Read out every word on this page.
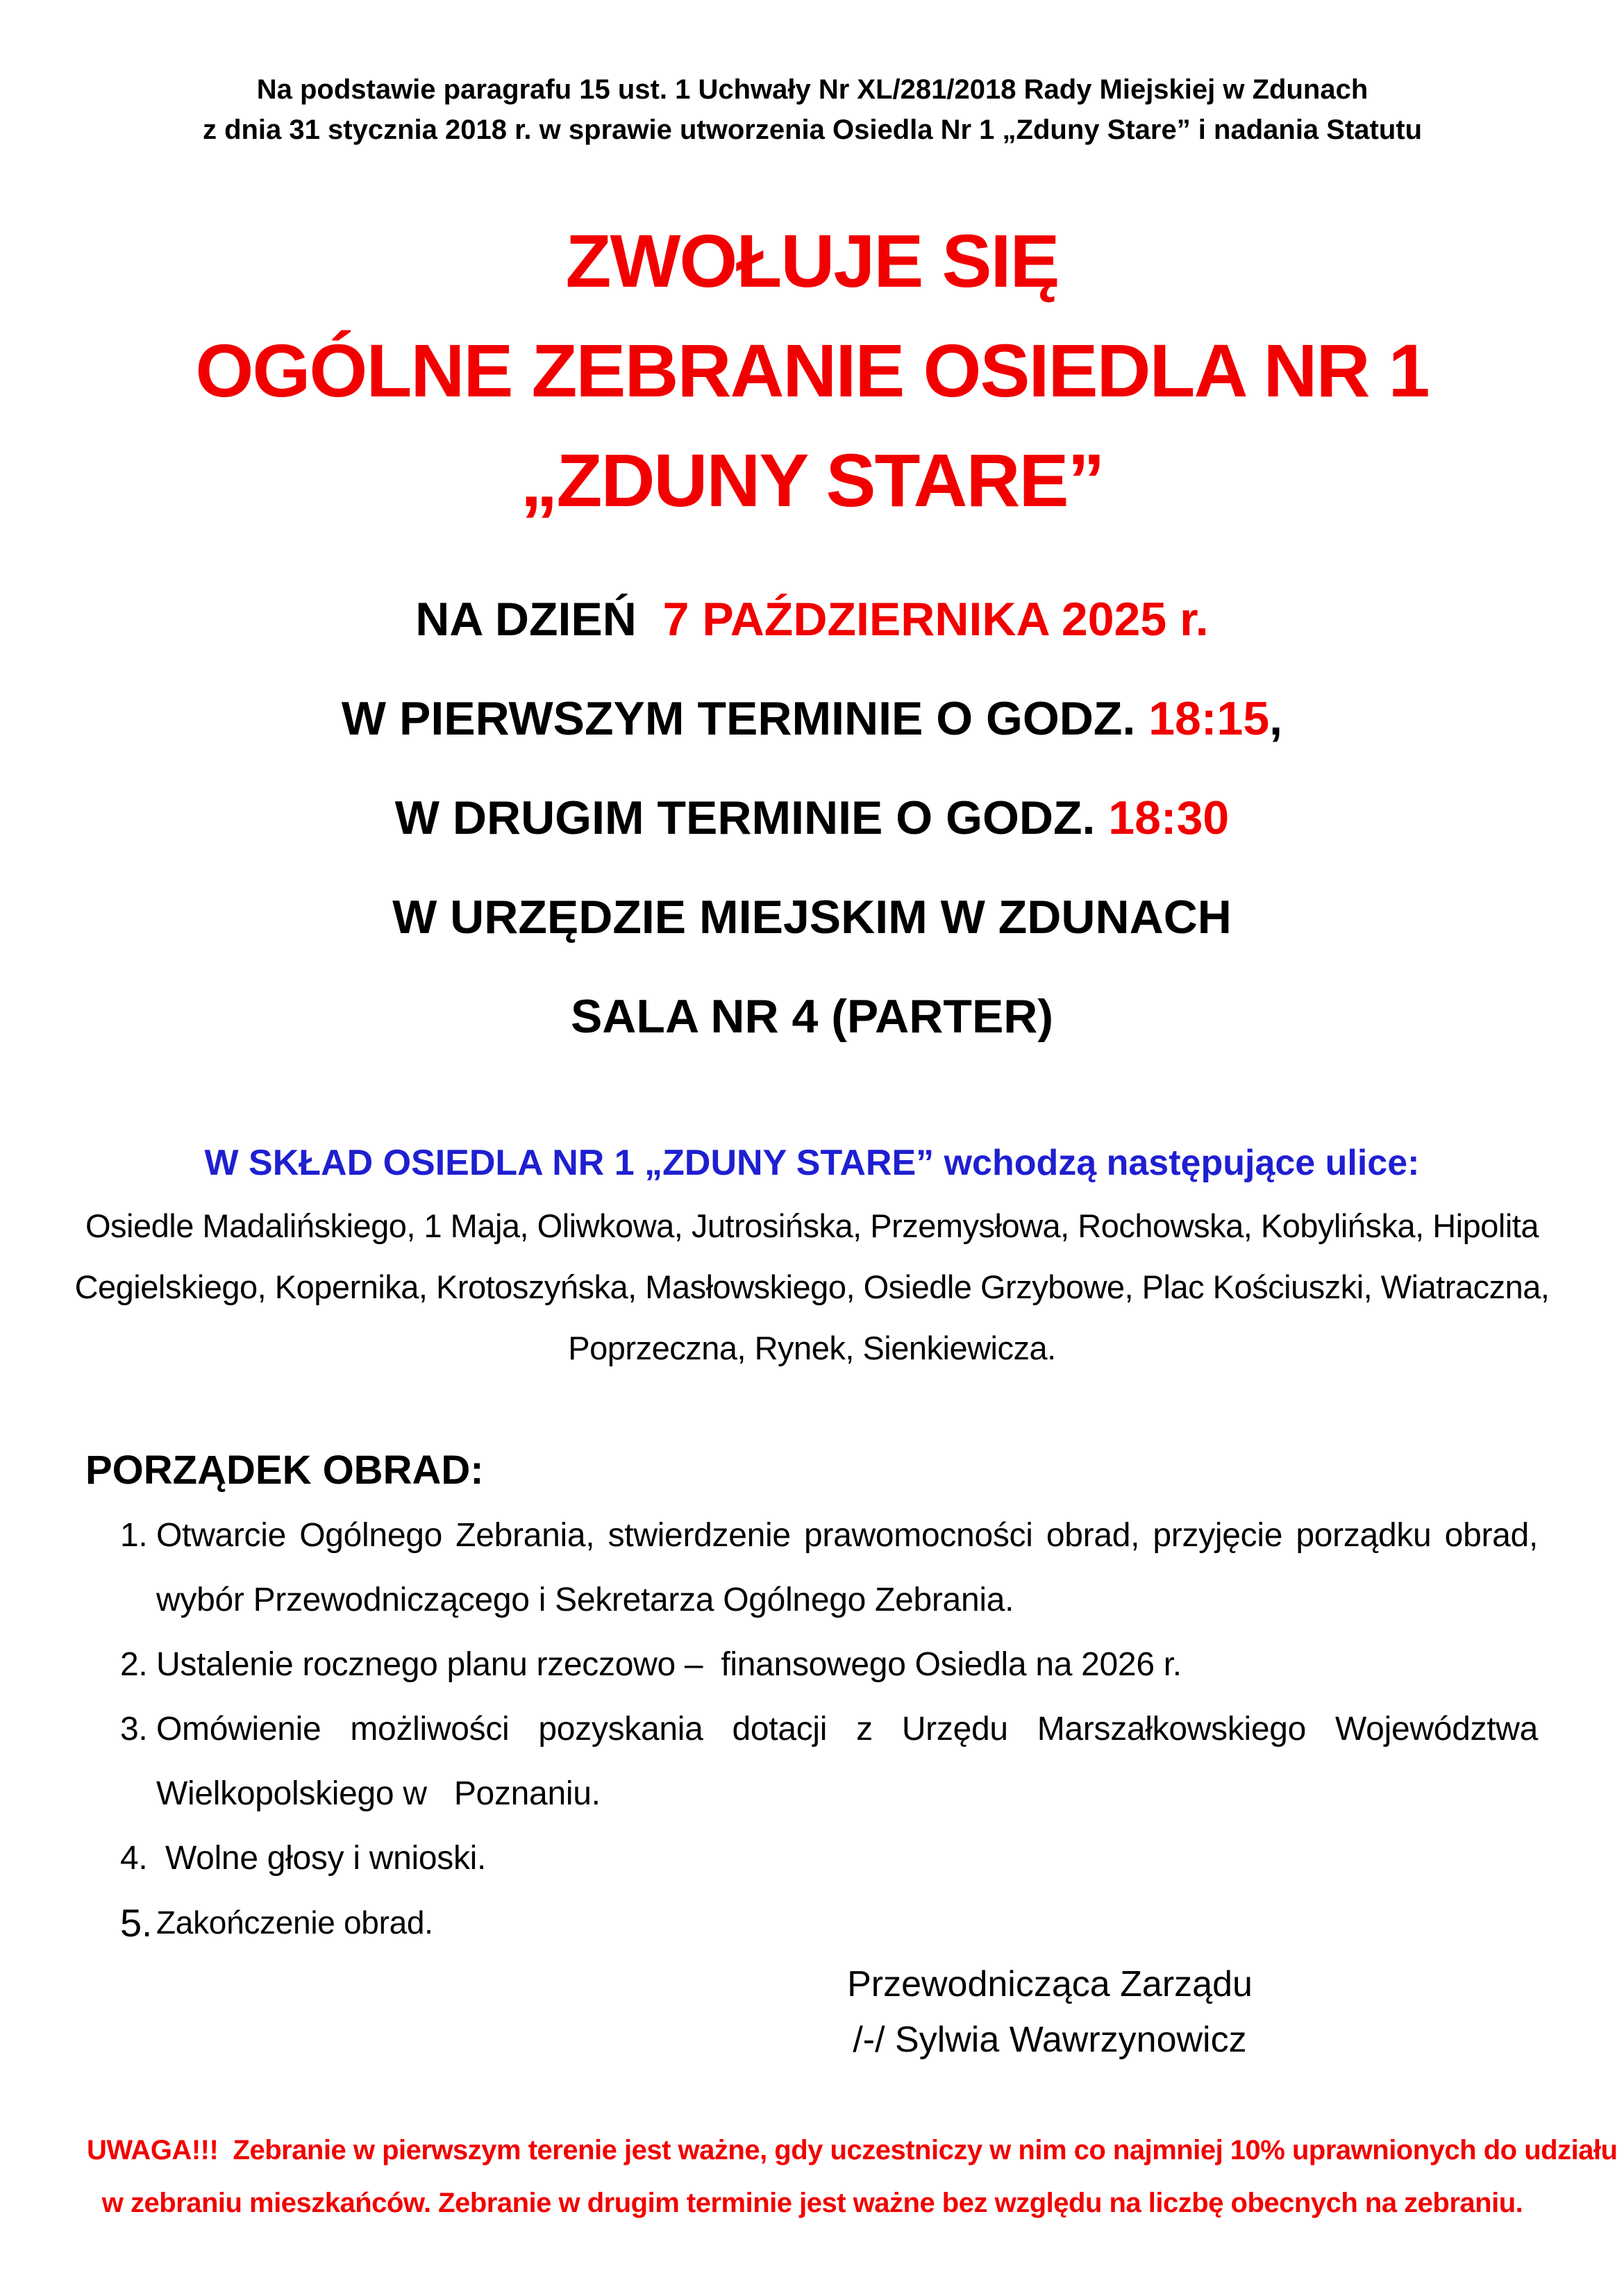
Na podstawie paragrafu 15 ust. 1 Uchwały Nr XL/281/2018 Rady Miejskiej w Zdunach
z dnia 31 stycznia 2018 r. w sprawie utworzenia Osiedla Nr 1 „Zduny Stare” i nadania Statutu
ZWOŁUJE SIĘ
OGÓLNE ZEBRANIE OSIEDLA NR 1
„ZDUNY STARE”
NA DZIEŃ  7 PAŹDZIERNIKA 2025 r.
W PIERWSZYM TERMINIE O GODZ. 18:15,
W DRUGIM TERMINIE O GODZ. 18:30
W URZĘDZIE MIEJSKIM W ZDUNACH
SALA NR 4 (PARTER)
W SKŁAD OSIEDLA NR 1 „ZDUNY STARE” wchodzą następujące ulice:
Osiedle Madalińskiego, 1 Maja, Oliwkowa, Jutrosińska, Przemysłowa, Rochowska, Kobylińska, Hipolita
Cegielskiego, Kopernika, Krotoszyńska, Masłowskiego, Osiedle Grzybowe, Plac Kościuszki, Wiatraczna,
Poprzeczna, Rynek, Sienkiewicza.
PORZĄDEK OBRAD:
1. Otwarcie Ogólnego Zebrania, stwierdzenie prawomocności obrad, przyjęcie porządku obrad,
wybór Przewodniczącego i Sekretarza Ogólnego Zebrania.
2. Ustalenie rocznego planu rzeczowo –  finansowego Osiedla na 2026 r.
3. Omówienie możliwości pozyskania dotacji z Urzędu Marszałkowskiego Województwa
Wielkopolskiego w   Poznaniu.
4. Wolne głosy i wnioski.
5. Zakończenie obrad.
Przewodnicząca Zarządu
/-/ Sylwia Wawrzynowicz
UWAGA!!!  Zebranie w pierwszym terenie jest ważne, gdy uczestniczy w nim co najmniej 10% uprawnionych do udziału
w zebraniu mieszkańców. Zebranie w drugim terminie jest ważne bez względu na liczbę obecnych na zebraniu.
